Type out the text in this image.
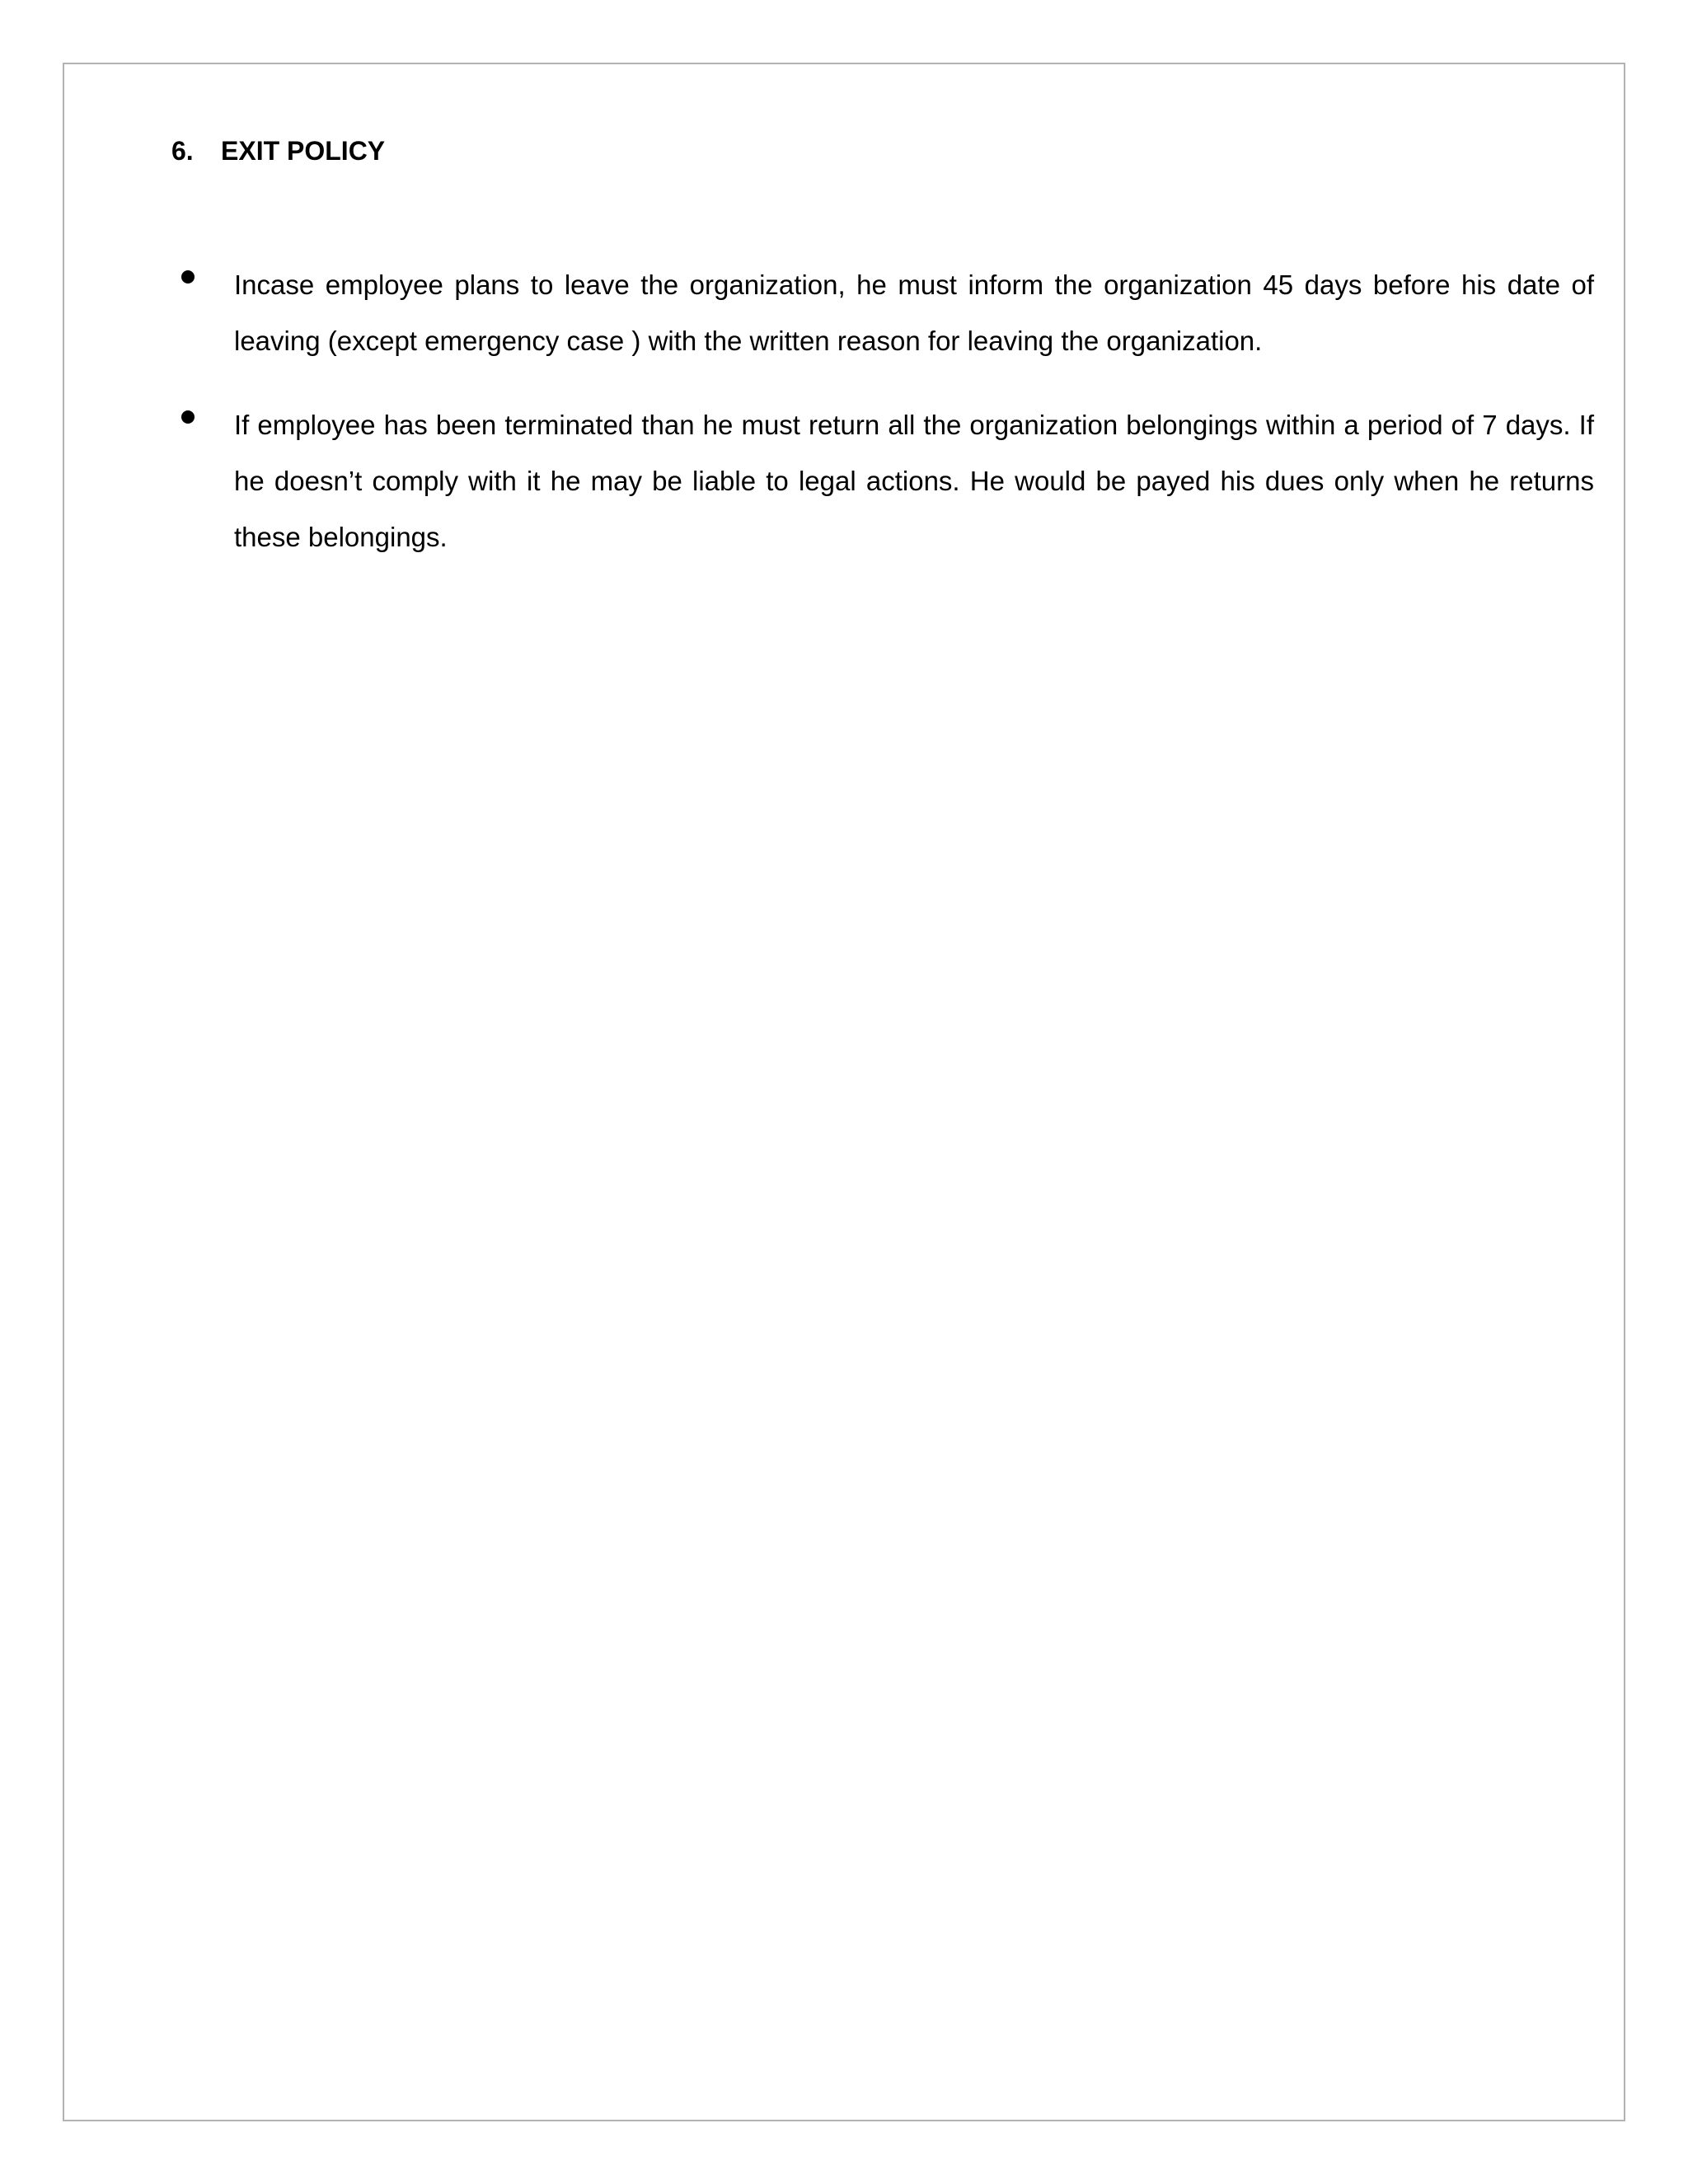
6. EXIT POLICY
Incase employee plans to leave the organization, he must inform the organization 45 days before his date of leaving (except emergency case ) with the written reason for leaving the organization.
If employee has been terminated than he must return all the organization belongings within a period of 7 days. If he doesn’t comply with it he may be liable to legal actions. He would be payed his dues only when he returns these belongings.
